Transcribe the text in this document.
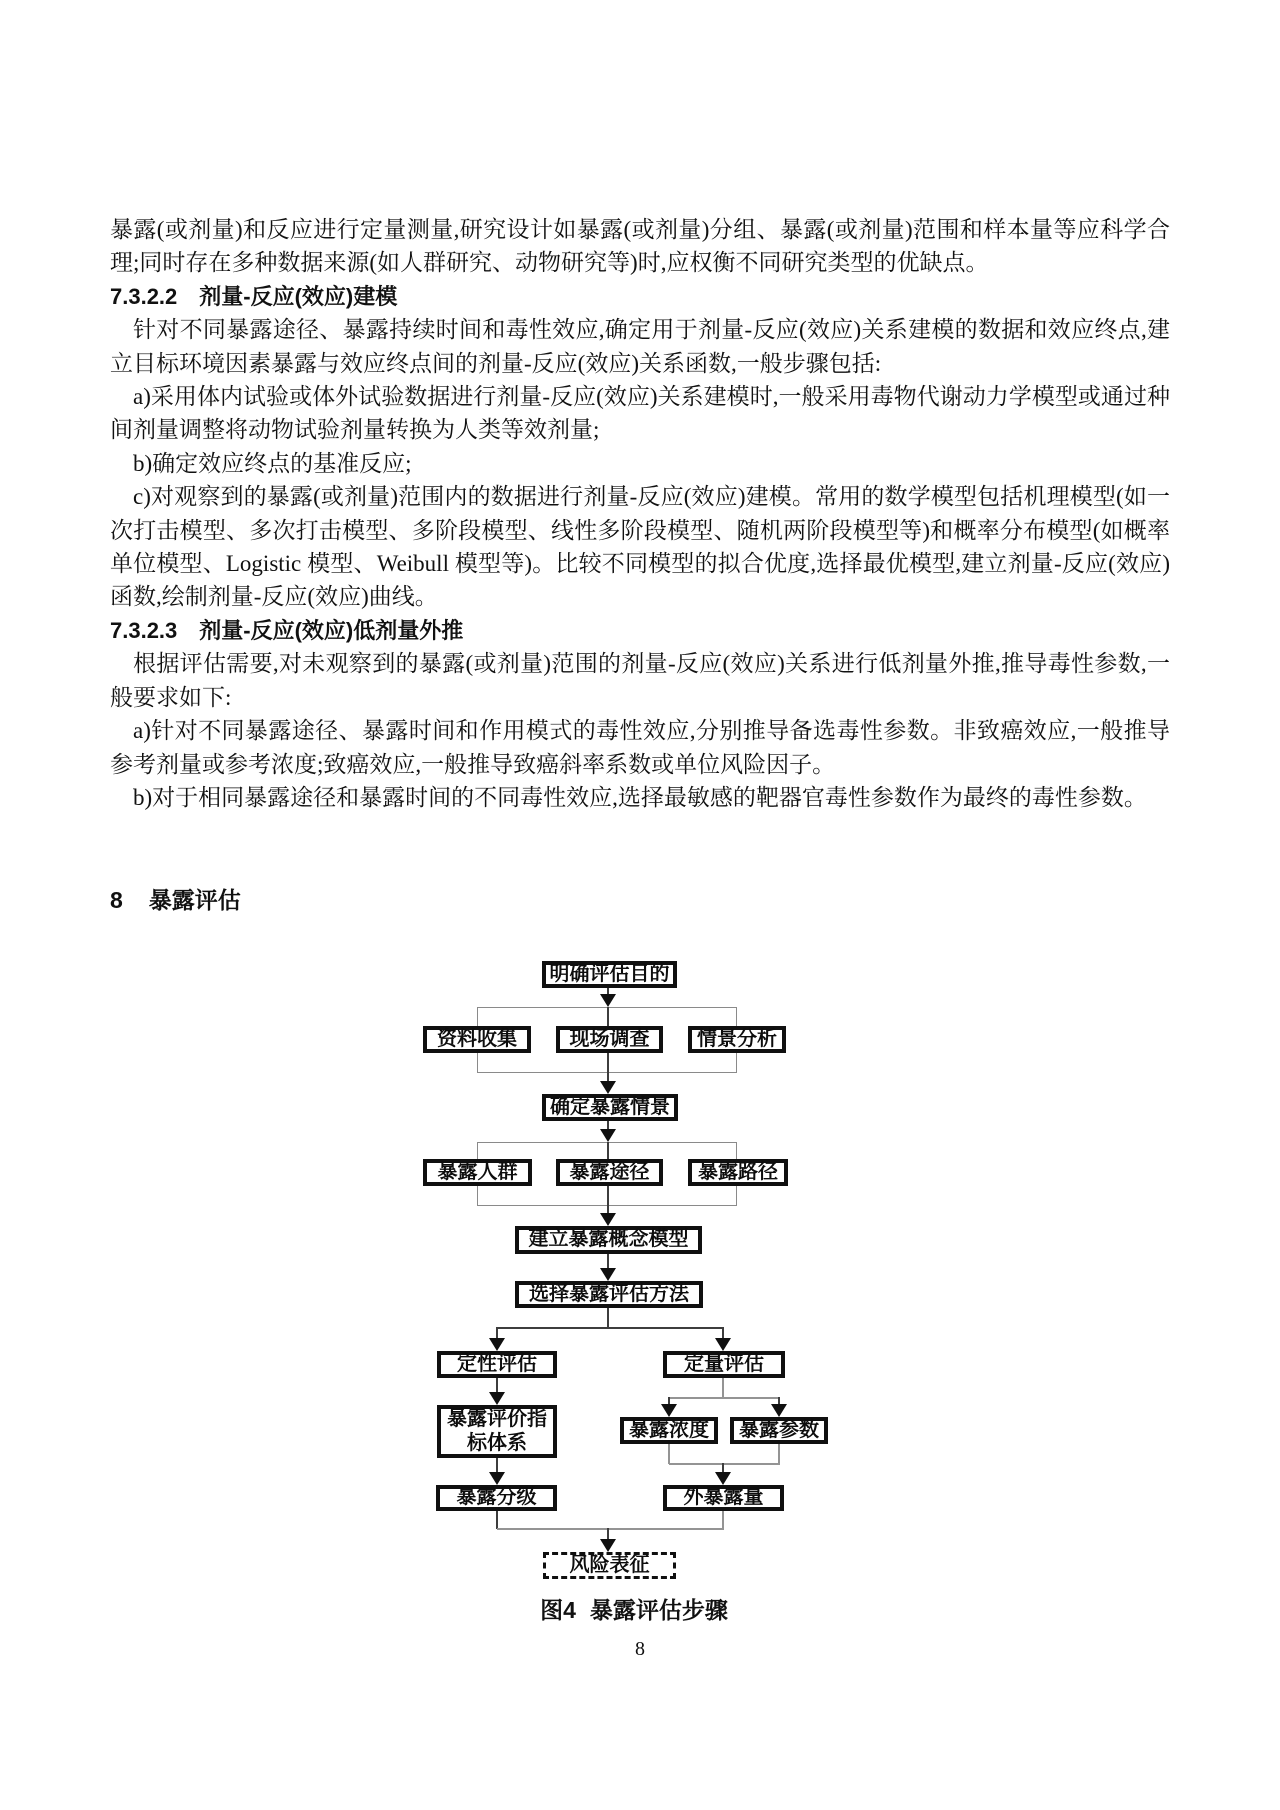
暴露(或剂量)和反应进行定量测量,研究设计如暴露(或剂量)分组、暴露(或剂量)范围和样本量等应科学合理;同时存在多种数据来源(如人群研究、动物研究等)时,应权衡不同研究类型的优缺点。

7.3.2.2 剂量-反应(效应)建模

针对不同暴露途径、暴露持续时间和毒性效应,确定用于剂量-反应(效应)关系建模的数据和效应终点,建立目标环境因素暴露与效应终点间的剂量-反应(效应)关系函数,一般步骤包括:

a)采用体内试验或体外试验数据进行剂量-反应(效应)关系建模时,一般采用毒物代谢动力学模型或通过种间剂量调整将动物试验剂量转换为人类等效剂量;

b)确定效应终点的基准反应;

c)对观察到的暴露(或剂量)范围内的数据进行剂量-反应(效应)建模。常用的数学模型包括机理模型(如一次打击模型、多次打击模型、多阶段模型、线性多阶段模型、随机两阶段模型等)和概率分布模型(如概率单位模型、Logistic 模型、Weibull 模型等)。比较不同模型的拟合优度,选择最优模型,建立剂量-反应(效应)函数,绘制剂量-反应(效应)曲线。

7.3.2.3 剂量-反应(效应)低剂量外推

根据评估需要,对未观察到的暴露(或剂量)范围的剂量-反应(效应)关系进行低剂量外推,推导毒性参数,一般要求如下:

a)针对不同暴露途径、暴露时间和作用模式的毒性效应,分别推导备选毒性参数。非致癌效应,一般推导参考剂量或参考浓度;致癌效应,一般推导致癌斜率系数或单位风险因子。

b)对于相同暴露途径和暴露时间的不同毒性效应,选择最敏感的靶器官毒性参数作为最终的毒性参数。

8 暴露评估
明确评估目的
资料收集	现场调查	情景分析
确定暴露情景
暴露人群	暴露途径	暴露路径
建立暴露概念模型
选择暴露评估方法
定性评估	定量评估
暴露评价指标体系
暴露浓度	暴露参数
暴露分级	外暴露量
风险表征
图4 暴露评估步骤
8
